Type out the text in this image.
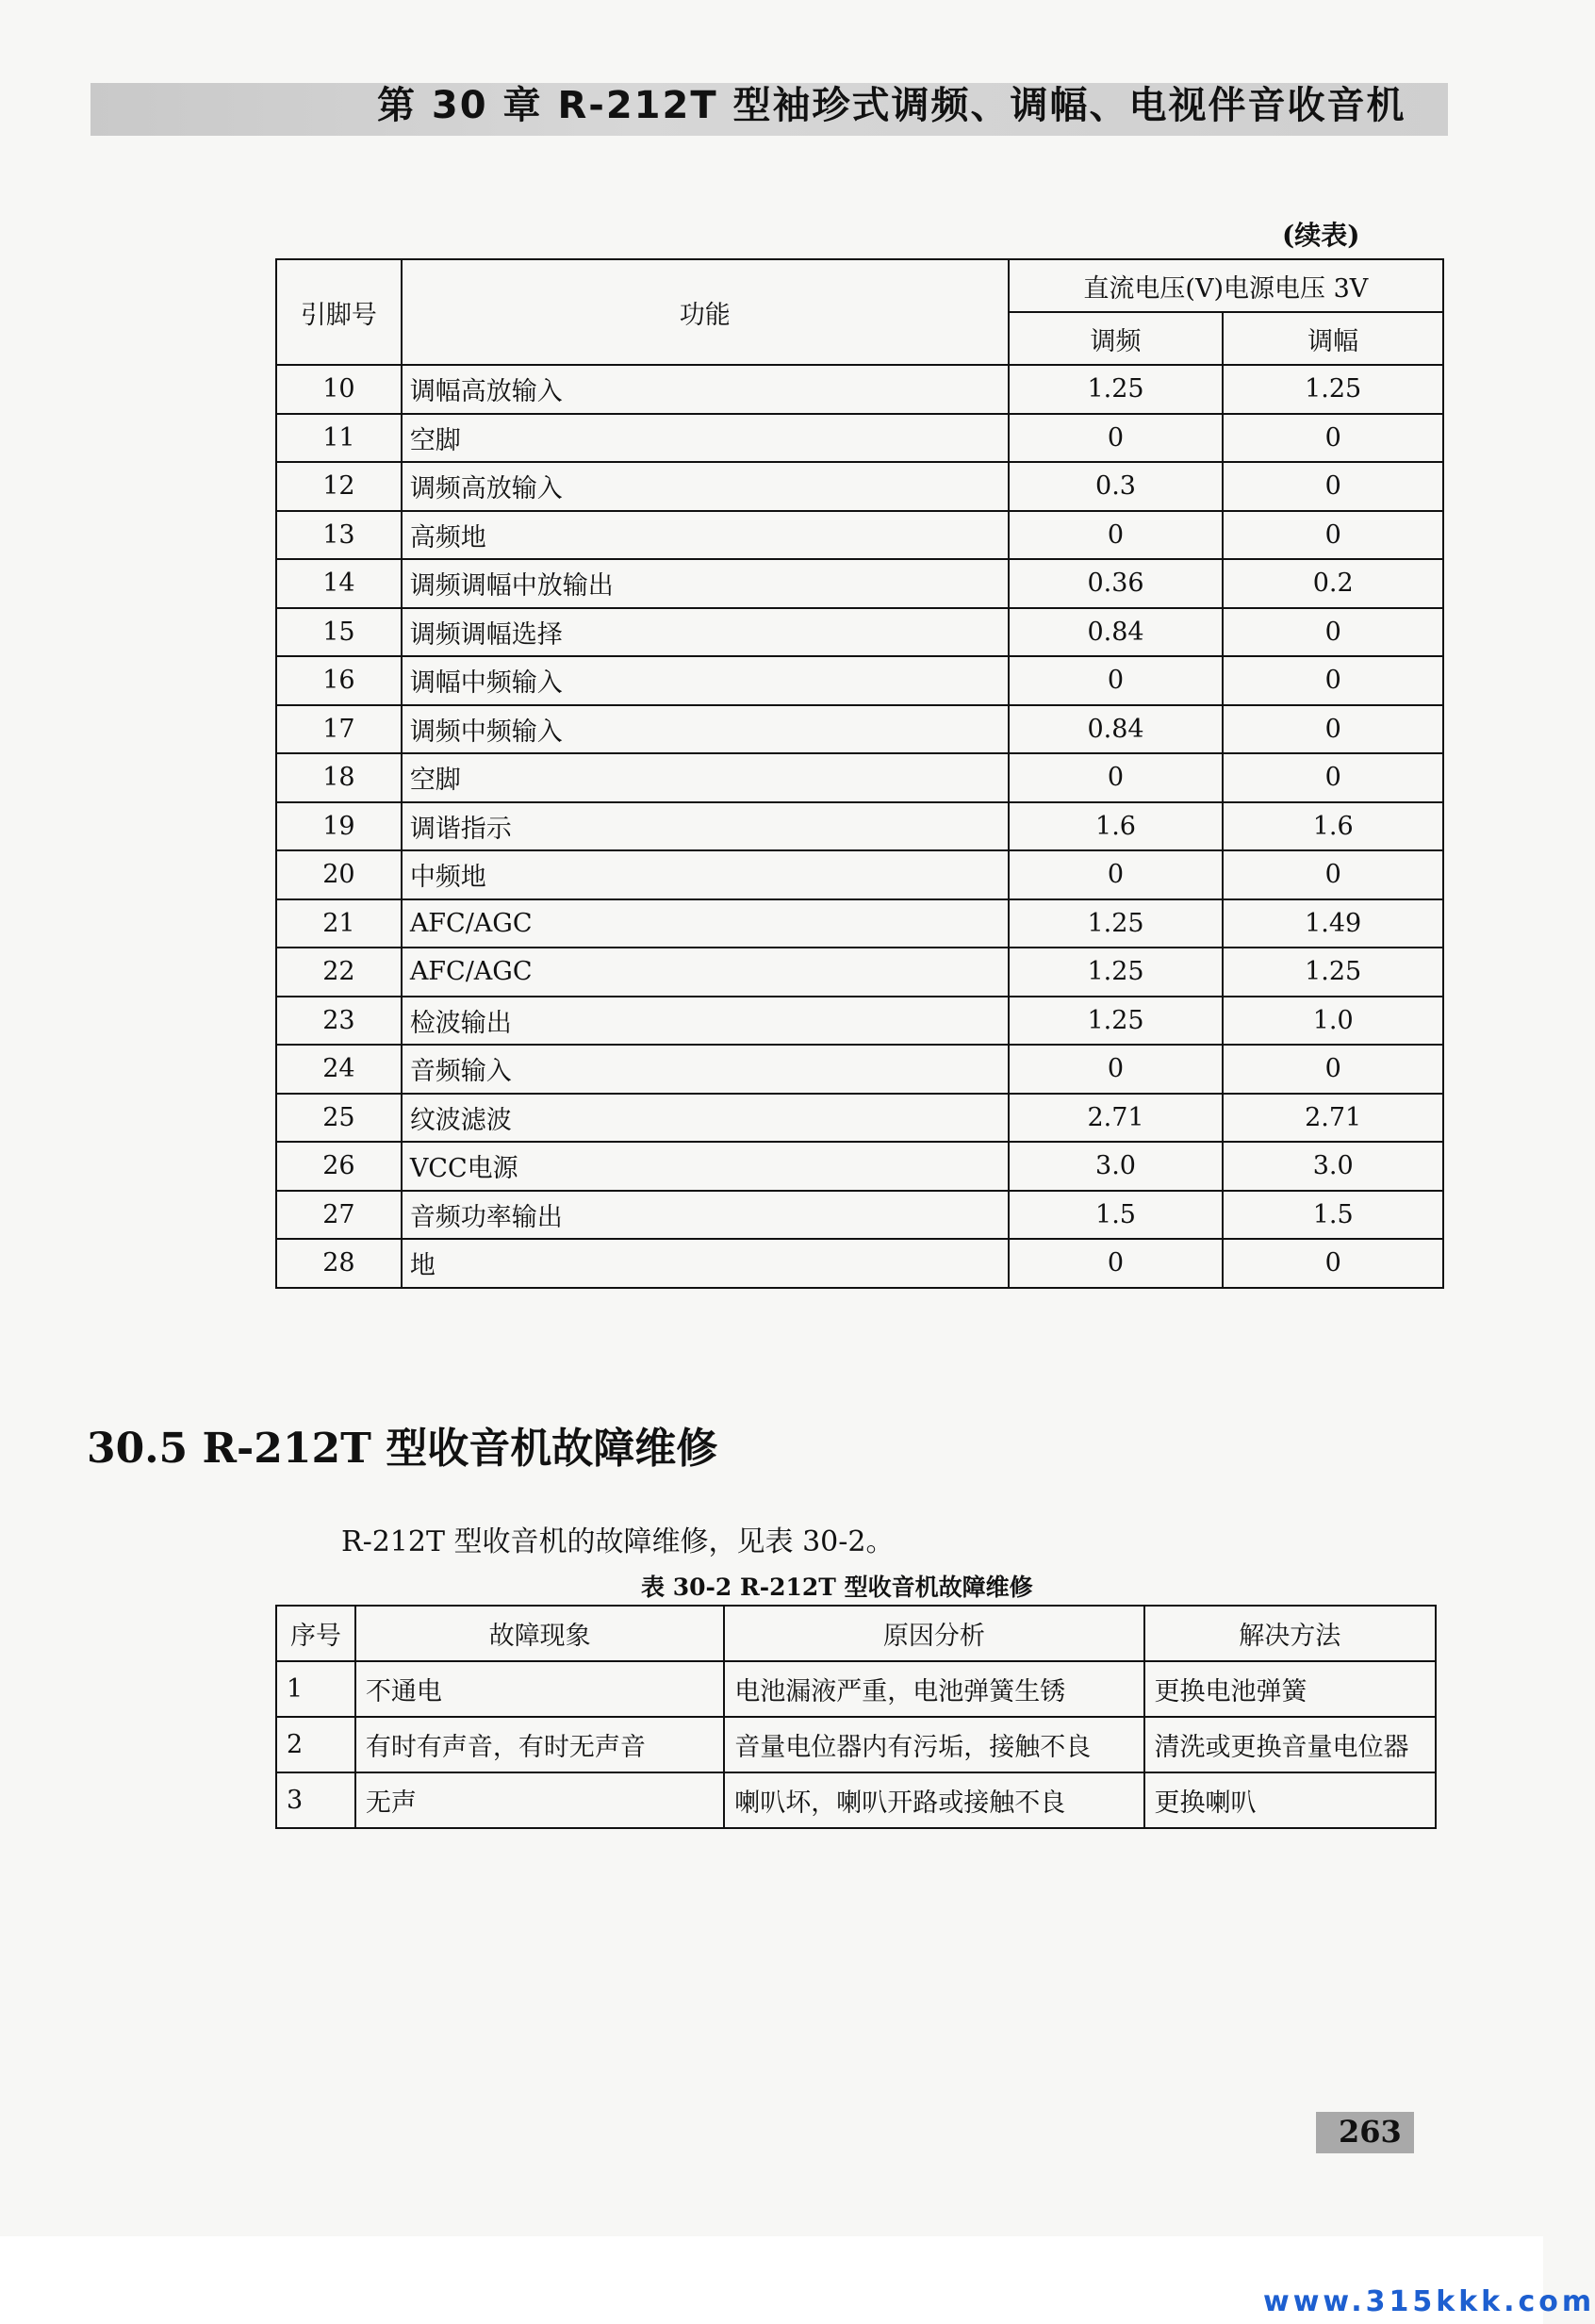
第 30 章 R-212T 型袖珍式调频、调幅、电视伴音收音机
(续表)
引脚号	功能	直流电压(V)电源电压 3V	
		调频	调幅
10	调幅高放输入	1.25	1.25
11	空脚	0	0
12	调频高放输入	0.3	0
13	高频地	0	0
14	调频调幅中放输出	0.36	0.2
15	调频调幅选择	0.84	0
16	调幅中频输入	0	0
17	调频中频输入	0.84	0
18	空脚	0	0
19	调谐指示	1.6	1.6
20	中频地	0	0
21	AFC/AGC	1.25	1.49
22	AFC/AGC	1.25	1.25
23	检波输出	1.25	1.0
24	音频输入	0	0
25	纹波滤波	2.71	2.71
26	VCC电源	3.0	3.0
27	音频功率输出	1.5	1.5
28	地	0	0
30.5 R-212T 型收音机故障维修
R-212T 型收音机的故障维修，见表 30-2。
表 30-2 R-212T 型收音机故障维修
序号	故障现象	原因分析	解决方法
1	不通电	电池漏液严重，电池弹簧生锈	更换电池弹簧
2	有时有声音，有时无声音	音量电位器内有污垢，接触不良	清洗或更换音量电位器
3	无声	喇叭坏，喇叭开路或接触不良	更换喇叭
263
www.315kkk.com
